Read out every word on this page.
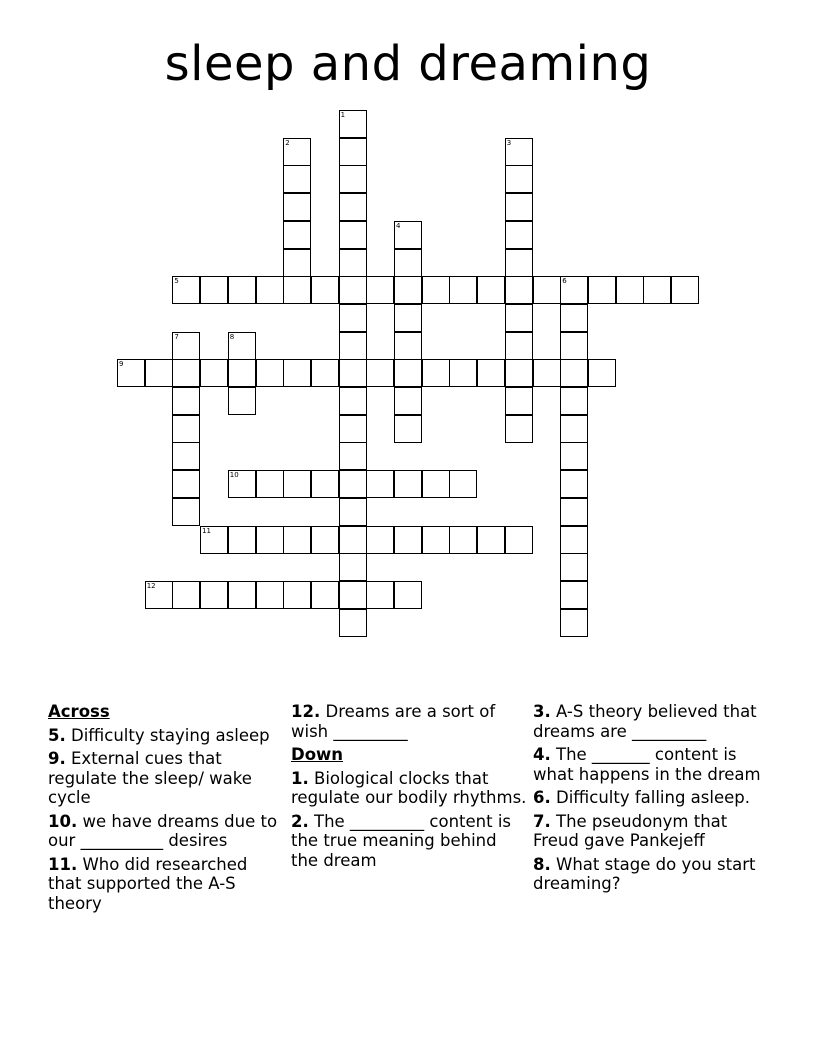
sleep and dreaming
1
2	3
4
5	6
7	8
9
10
11
12
Across
5. Difficulty staying asleep
9. External cues that regulate the sleep/ wake cycle
10. we have dreams due to our __________ desires
11. Who did researched that supported the A-S theory
12. Dreams are a sort of wish _________
Down
1. Biological clocks that regulate our bodily rhythms.
2. The _________ content is the true meaning behind the dream
3. A-S theory believed that dreams are _________
4. The _______ content is what happens in the dream
6. Difficulty falling asleep.
7. The pseudonym that Freud gave Pankejeff
8. What stage do you start dreaming?
